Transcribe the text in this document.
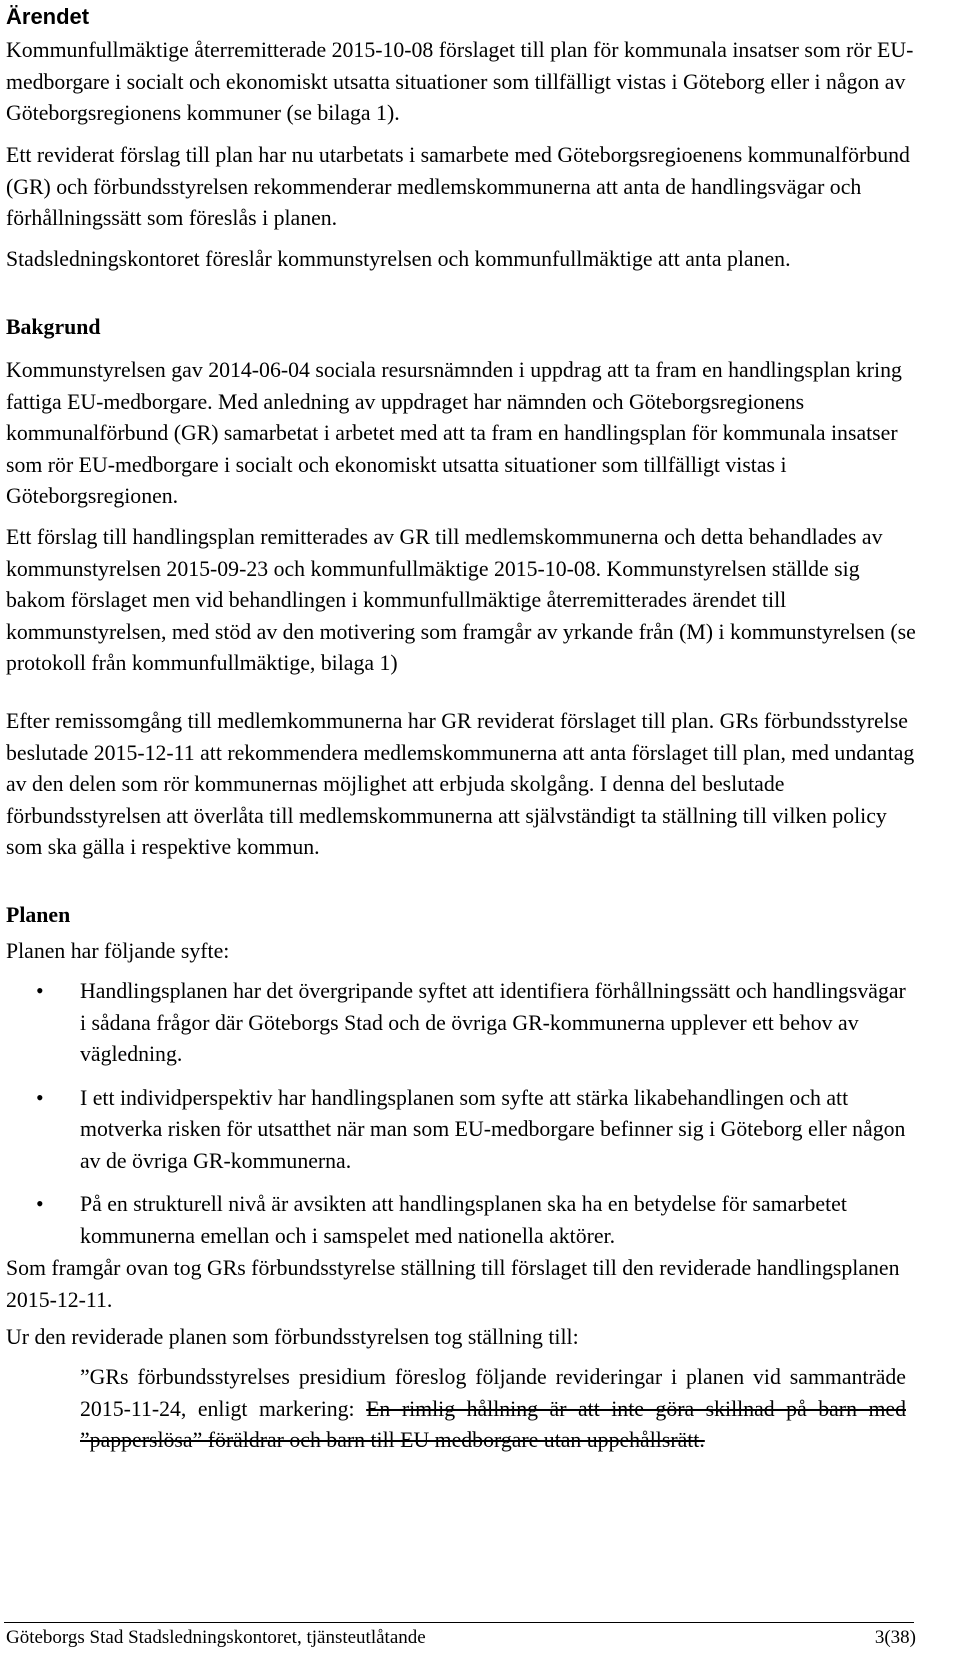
Ärendet

Kommunfullmäktige återremitterade 2015-10-08 förslaget till plan för kommunala insatser som rör EU-medborgare i socialt och ekonomiskt utsatta situationer som tillfälligt vistas i Göteborg eller i någon av Göteborgsregionens kommuner (se bilaga 1).

Ett reviderat förslag till plan har nu utarbetats i samarbete med Göteborgsregioenens kommunalförbund (GR) och förbundsstyrelsen rekommenderar medlemskommunerna att anta de handlingsvägar och förhållningssätt som föreslås i planen.

Stadsledningskontoret föreslår kommunstyrelsen och kommunfullmäktige att anta planen.

Bakgrund

Kommunstyrelsen gav 2014-06-04 sociala resursnämnden i uppdrag att ta fram en handlingsplan kring fattiga EU-medborgare. Med anledning av uppdraget har nämnden och Göteborgsregionens kommunalförbund (GR) samarbetat i arbetet med att ta fram en handlingsplan för kommunala insatser som rör EU-medborgare i socialt och ekonomiskt utsatta situationer som tillfälligt vistas i Göteborgsregionen.

Ett förslag till handlingsplan remitterades av GR till medlemskommunerna och detta behandlades av kommunstyrelsen 2015-09-23 och kommunfullmäktige 2015-10-08. Kommunstyrelsen ställde sig bakom förslaget men vid behandlingen i kommunfullmäktige återremitterades ärendet till kommunstyrelsen, med stöd av den motivering som framgår av yrkande från (M) i kommunstyrelsen (se protokoll från kommunfullmäktige, bilaga 1)

Efter remissomgång till medlemkommunerna har GR reviderat förslaget till plan. GRs förbundsstyrelse beslutade 2015-12-11 att rekommendera medlemskommunerna att anta förslaget till plan, med undantag av den delen som rör kommunernas möjlighet att erbjuda skolgång. I denna del beslutade förbundsstyrelsen att överlåta till medlemskommunerna att självständigt ta ställning till vilken policy som ska gälla i respektive kommun.

Planen

Planen har följande syfte:

• Handlingsplanen har det övergripande syftet att identifiera förhållningssätt och handlingsvägar i sådana frågor där Göteborgs Stad och de övriga GR-kommunerna upplever ett behov av vägledning.
• I ett individperspektiv har handlingsplanen som syfte att stärka likabehandlingen och att motverka risken för utsatthet när man som EU-medborgare befinner sig i Göteborg eller någon av de övriga GR-kommunerna.
• På en strukturell nivå är avsikten att handlingsplanen ska ha en betydelse för samarbetet kommunerna emellan och i samspelet med nationella aktörer.

Som framgår ovan tog GRs förbundsstyrelse ställning till förslaget till den reviderade handlingsplanen 2015-12-11.

Ur den reviderade planen som förbundsstyrelsen tog ställning till:

”GRs förbundsstyrelses presidium föreslog följande revideringar i planen vid sammanträde 2015-11-24, enligt markering: En rimlig hållning är att inte göra skillnad på barn med ”papperslösa” föräldrar och barn till EU medborgare utan uppehållsrätt.

Göteborgs Stad Stadsledningskontoret, tjänsteutlåtande	3(38)
